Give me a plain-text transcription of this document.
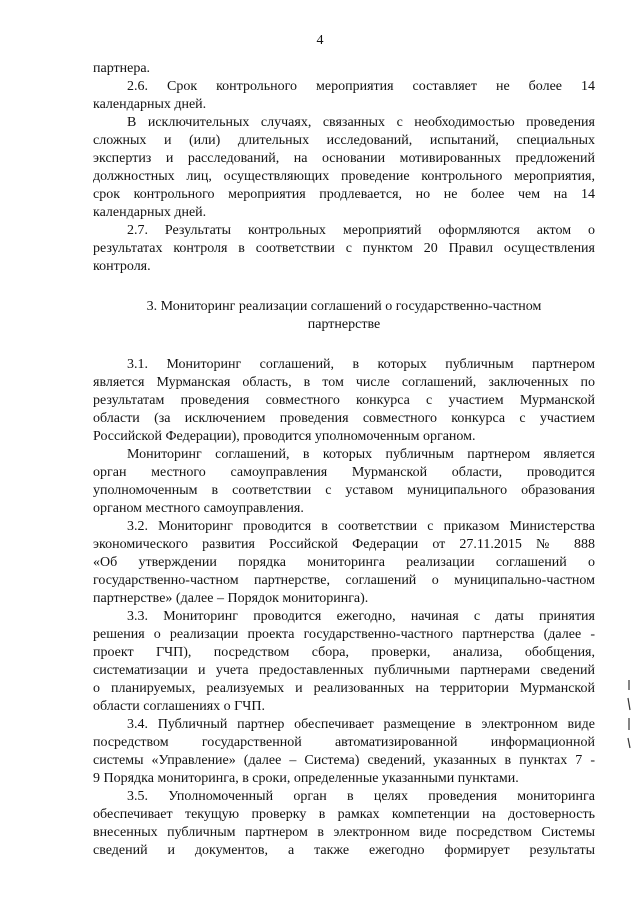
4
партнера.
2.6. Срок контрольного мероприятия составляет не более 14
календарных дней.
В исключительных случаях, связанных с необходимостью проведения
сложных и (или) длительных исследований, испытаний, специальных
экспертиз и расследований, на основании мотивированных предложений
должностных лиц, осуществляющих проведение контрольного мероприятия,
срок контрольного мероприятия продлевается, но не более чем на 14
календарных дней.
2.7. Результаты контрольных мероприятий оформляются актом о
результатах контроля в соответствии с пунктом 20 Правил осуществления
контроля.
3. Мониторинг реализации соглашений о государственно-частном
партнерстве
3.1. Мониторинг соглашений, в которых публичным партнером
является Мурманская область, в том числе соглашений, заключенных по
результатам проведения совместного конкурса с участием Мурманской
области (за исключением проведения совместного конкурса с участием
Российской Федерации), проводится уполномоченным органом.
Мониторинг соглашений, в которых публичным партнером является
орган местного самоуправления Мурманской области, проводится
уполномоченным в соответствии с уставом муниципального образования
органом местного самоуправления.
3.2. Мониторинг проводится в соответствии с приказом Министерства
экономического развития Российской Федерации от 27.11.2015 № 888
«Об утверждении порядка мониторинга реализации соглашений о
государственно-частном партнерстве, соглашений о муниципально-частном
партнерстве» (далее – Порядок мониторинга).
3.3. Мониторинг проводится ежегодно, начиная с даты принятия
решения о реализации проекта государственно-частного партнерства (далее -
проект ГЧП), посредством сбора, проверки, анализа, обобщения,
систематизации и учета предоставленных публичными партнерами сведений
о планируемых, реализуемых и реализованных на территории Мурманской
области соглашениях о ГЧП.
3.4. Публичный партнер обеспечивает размещение в электронном виде
посредством государственной автоматизированной информационной
системы «Управление» (далее – Система) сведений, указанных в пунктах 7 -
9 Порядка мониторинга, в сроки, определенные указанными пунктами.
3.5. Уполномоченный орган в целях проведения мониторинга
обеспечивает текущую проверку в рамках компетенции на достоверность
внесенных публичным партнером в электронном виде посредством Системы
сведений и документов, а также ежегодно формирует результаты
